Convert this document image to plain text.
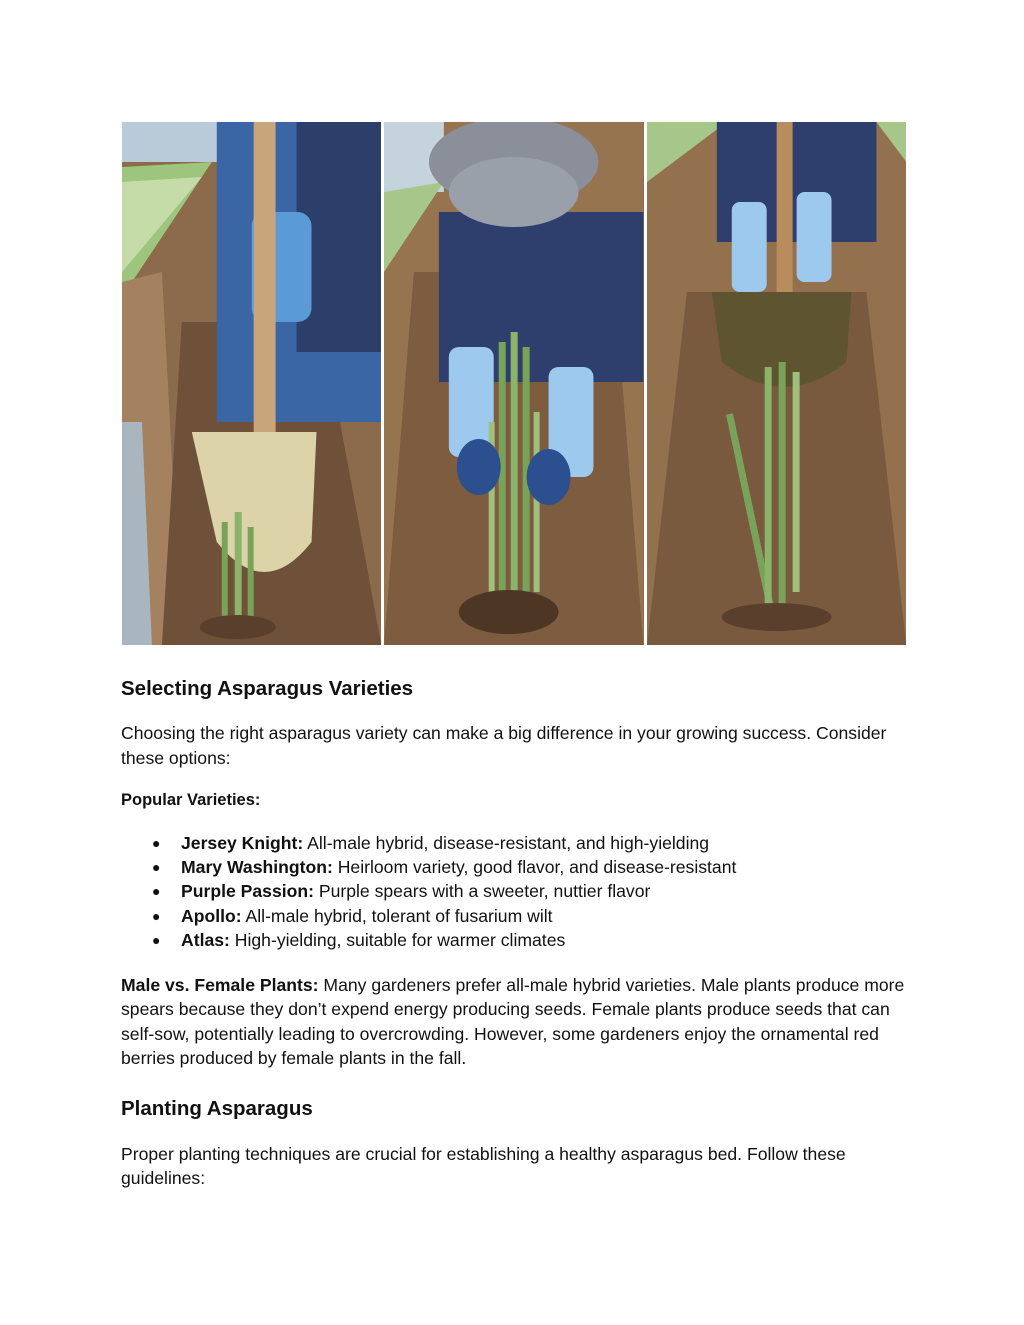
Selecting Asparagus Varieties

Choosing the right asparagus variety can make a big difference in your growing success. Consider these options:

Popular Varieties:

● Jersey Knight: All-male hybrid, disease-resistant, and high-yielding
● Mary Washington: Heirloom variety, good flavor, and disease-resistant
● Purple Passion: Purple spears with a sweeter, nuttier flavor
● Apollo: All-male hybrid, tolerant of fusarium wilt
● Atlas: High-yielding, suitable for warmer climates

Male vs. Female Plants: Many gardeners prefer all-male hybrid varieties. Male plants produce more spears because they don’t expend energy producing seeds. Female plants produce seeds that can self-sow, potentially leading to overcrowding. However, some gardeners enjoy the ornamental red berries produced by female plants in the fall.

Planting Asparagus

Proper planting techniques are crucial for establishing a healthy asparagus bed. Follow these guidelines:
